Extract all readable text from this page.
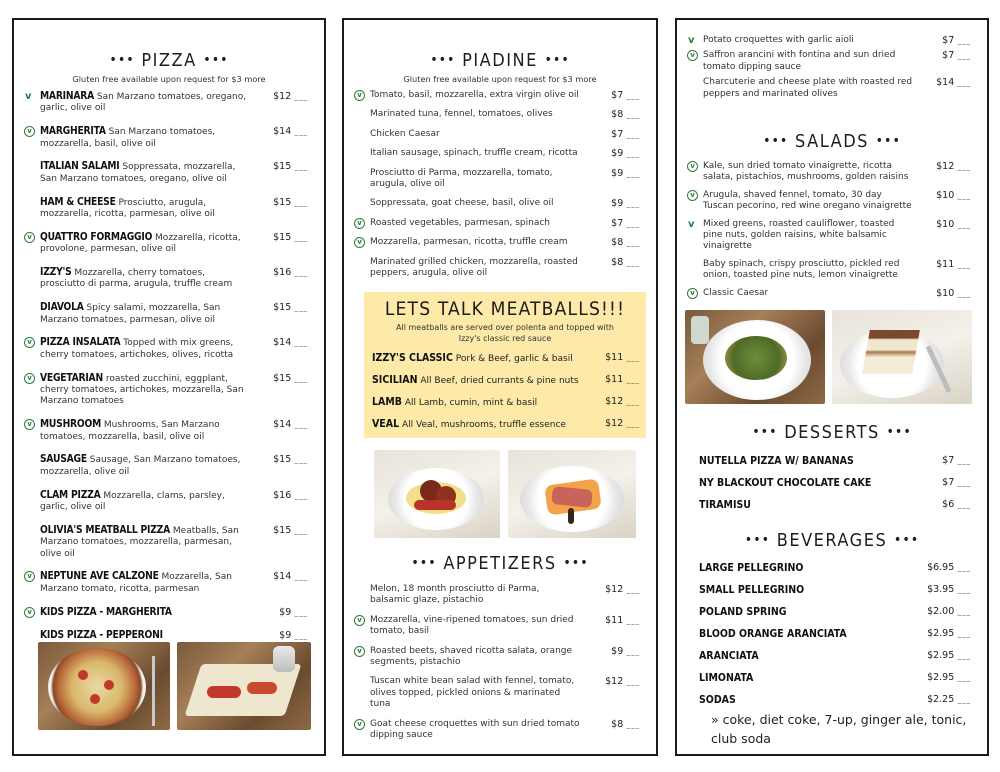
••• PIZZA •••
Gluten free available upon request for $3 more
v MARINARA San Marzano tomatoes, oregano, garlic, olive oil
$12 ___
v MARGHERITA San Marzano tomatoes, mozzarella, basil, olive oil
$14 ___
ITALIAN SALAMI Soppressata, mozzarella, San Marzano tomatoes, oregano, olive oil
$15 ___
HAM & CHEESE Prosciutto, arugula, mozzarella, ricotta, parmesan, olive oil
$15 ___
v QUATTRO FORMAGGIO Mozzarella, ricotta, provolone, parmesan, olive oil
$15 ___
IZZY'S Mozzarella, cherry tomatoes, prosciutto di parma, arugula, truffle cream
$16 ___
DIAVOLA Spicy salami, mozzarella, San Marzano tomatoes, parmesan, olive oil
$15 ___
v PIZZA INSALATA Topped with mix greens, cherry tomatoes, artichokes, olives, ricotta
$14 ___
v VEGETARIAN roasted zucchini, eggplant, cherry tomatoes, artichokes, mozzarella, San Marzano tomatoes
$15 ___
v MUSHROOM Mushrooms, San Marzano tomatoes, mozzarella, basil, olive oil
$14 ___
SAUSAGE Sausage, San Marzano tomatoes, mozzarella, olive oil
$15 ___
CLAM PIZZA Mozzarella, clams, parsley, garlic, olive oil
$16 ___
OLIVIA'S MEATBALL PIZZA Meatballs, San Marzano tomatoes, mozzarella, parmesan, olive oil
$15 ___
v NEPTUNE AVE CALZONE Mozzarella, San Marzano tomato, ricotta, parmesan
$14 ___
v KIDS PIZZA - MARGHERITA	$9 ___
KIDS PIZZA - PEPPERONI	$9 ___
••• PIADINE •••
Gluten free available upon request for $3 more
v Tomato, basil, mozzarella, extra virgin olive oil	$7 ___
Marinated tuna, fennel, tomatoes, olives	$8 ___
Chicken Caesar	$7 ___
Italian sausage, spinach, truffle cream, ricotta	$9 ___
Prosciutto di Parma, mozzarella, tomato, arugula, olive oil
$9 ___
Soppressata, goat cheese, basil, olive oil	$9 ___
v Roasted vegetables, parmesan, spinach	$7 ___
v Mozzarella, parmesan, ricotta, truffle cream	$8 ___
Marinated grilled chicken, mozzarella, roasted peppers, arugula, olive oil
$8 ___
LETS TALK MEATBALLS!!!
All meatballs are served over polenta and topped with Izzy's classic red sauce
IZZY'S CLASSIC Pork & Beef, garlic & basil	$11 ___
SICILIAN All Beef, dried currants & pine nuts	$11 ___
LAMB All Lamb, cumin, mint & basil	$12 ___
VEAL All Veal, mushrooms, truffle essence	$12 ___
••• APPETIZERS •••
Melon, 18 month prosciutto di Parma, balsamic glaze, pistachio
$12 ___
v Mozzarella, vine-ripened tomatoes, sun dried tomato, basil
$11 ___
v Roasted beets, shaved ricotta salata, orange segments, pistachio
$9 ___
Tuscan white bean salad with fennel, tomato, olives topped, pickled onions & marinated tuna
$12 ___
v Goat cheese croquettes with sun dried tomato dipping sauce
$8 ___
v Potato croquettes with garlic aioli	$7 ___
v Saffron arancini with fontina and sun dried tomato dipping sauce
$7 ___
Charcuterie and cheese plate with roasted red peppers and marinated olives
$14 ___
••• SALADS •••
v Kale, sun dried tomato vinaigrette, ricotta salata, pistachios, mushrooms, golden raisins
$12 ___
v Arugula, shaved fennel, tomato, 30 day Tuscan pecorino, red wine oregano vinaigrette
$10 ___
v Mixed greens, roasted cauliflower, toasted pine nuts, golden raisins, white balsamic vinaigrette
$10 ___
Baby spinach, crispy prosciutto, pickled red onion, toasted pine nuts, lemon vinaigrette
$11 ___
v Classic Caesar	$10 ___
••• DESSERTS •••
NUTELLA PIZZA W/ BANANAS	$7 ___
NY BLACKOUT CHOCOLATE CAKE	$7 ___
TIRAMISU	$6 ___
••• BEVERAGES •••
LARGE PELLEGRINO	$6.95 ___
SMALL PELLEGRINO	$3.95 ___
POLAND SPRING	$2.00 ___
BLOOD ORANGE ARANCIATA	$2.95 ___
ARANCIATA	$2.95 ___
LIMONATA	$2.95 ___
SODAS	$2.25 ___
» coke, diet coke, 7-up, ginger ale, tonic, club soda
